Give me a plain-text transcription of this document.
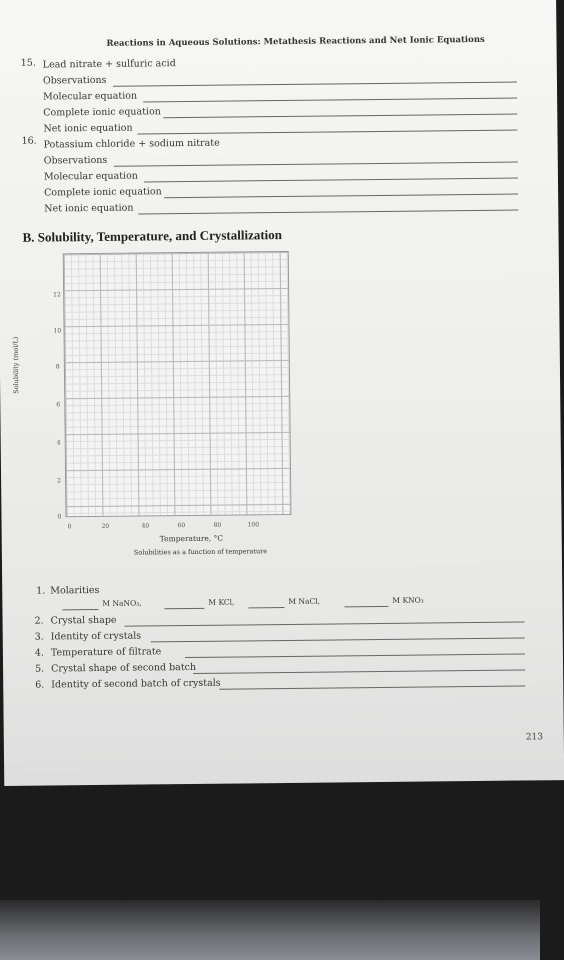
Reactions in Aqueous Solutions: Metathesis Reactions and Net Ionic Equations
15. Lead nitrate + sulfuric acid
Observations
Molecular equation
Complete ionic equation
Net ionic equation
16. Potassium chloride + sodium nitrate
Observations
Molecular equation
Complete ionic equation
Net ionic equation
B. Solubility, Temperature, and Crystallization
12
10
8
6
4
2
0
0	20	40	60	80	100
Temperature, °C
Solubility (mol/L)
Solubilities as a function of temperature
1. Molarities
M NaNO₃,	M KCl,	M NaCl,	M KNO₃
2. Crystal shape
3. Identity of crystals
4. Temperature of filtrate
5. Crystal shape of second batch
6. Identity of second batch of crystals
213
